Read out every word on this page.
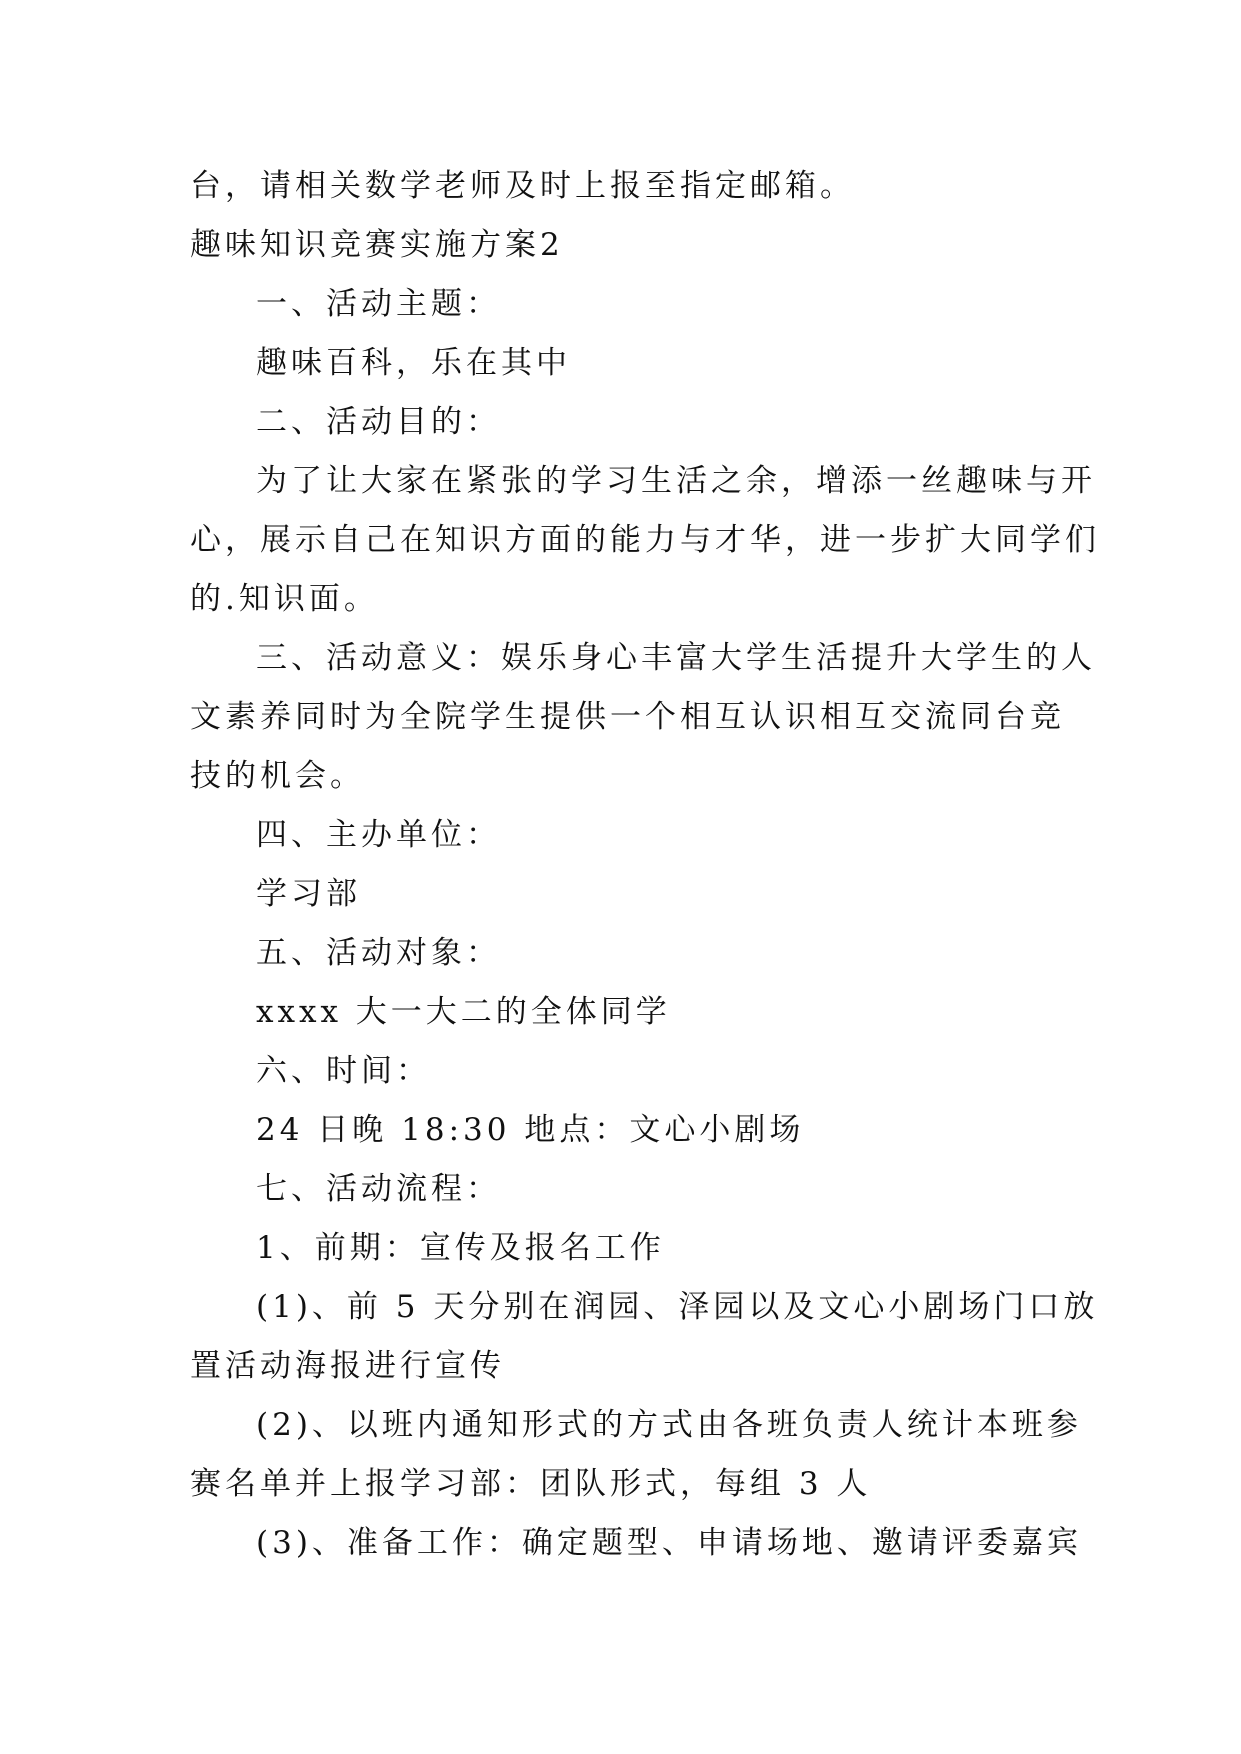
台，请相关数学老师及时上报至指定邮箱。
趣味知识竞赛实施方案2
一、活动主题：
趣味百科，乐在其中
二、活动目的：
为了让大家在紧张的学习生活之余，增添一丝趣味与开
心，展示自己在知识方面的能力与才华，进一步扩大同学们
的.知识面。
三、活动意义：娱乐身心丰富大学生活提升大学生的人
文素养同时为全院学生提供一个相互认识相互交流同台竞
技的机会。
四、主办单位：
学习部
五、活动对象：
xxxx 大一大二的全体同学
六、时间：
24 日晚 18:30 地点：文心小剧场
七、活动流程：
1、前期：宣传及报名工作
(1)、前 5 天分别在润园、泽园以及文心小剧场门口放
置活动海报进行宣传
(2)、以班内通知形式的方式由各班负责人统计本班参
赛名单并上报学习部：团队形式，每组 3 人
(3)、准备工作：确定题型、申请场地、邀请评委嘉宾
